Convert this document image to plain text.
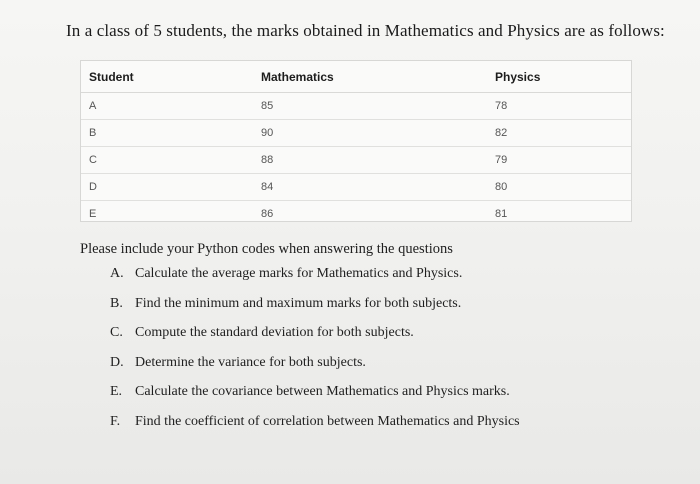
In a class of 5 students, the marks obtained in Mathematics and Physics are as follows:

Student	Mathematics	Physics
A	85	78
B	90	82
C	88	79
D	84	80
E	86	81

Please include your Python codes when answering the questions

A. Calculate the average marks for Mathematics and Physics.
B. Find the minimum and maximum marks for both subjects.
C. Compute the standard deviation for both subjects.
D. Determine the variance for both subjects.
E. Calculate the covariance between Mathematics and Physics marks.
F.	Find the coefficient of correlation between Mathematics and Physics
